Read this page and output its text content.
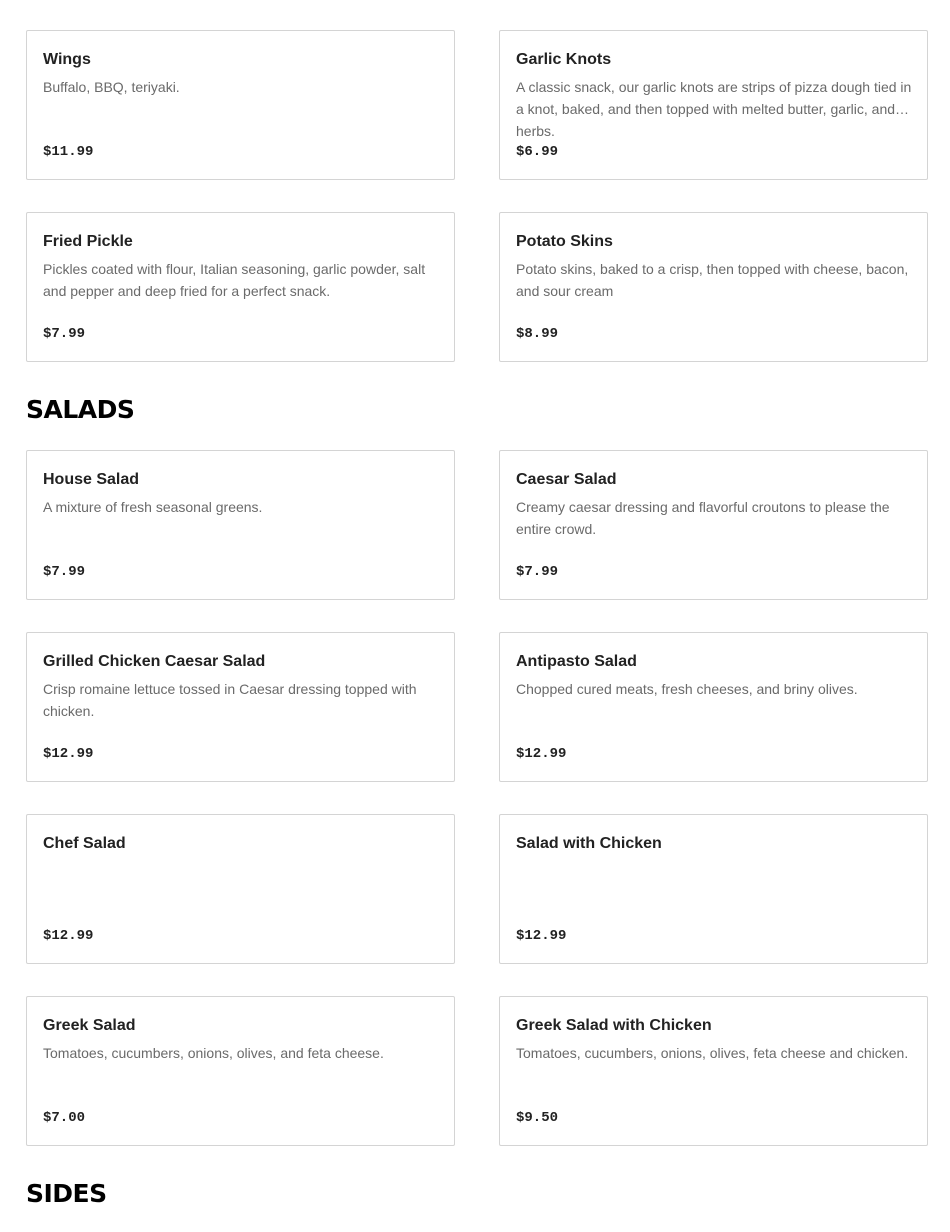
Wings
Buffalo, BBQ, teriyaki.
$11.99
Garlic Knots
A classic snack, our garlic knots are strips of pizza dough tied in a knot, baked, and then topped with melted butter, garlic, and herbs.
$6.99
Fried Pickle
Pickles coated with flour, Italian seasoning, garlic powder, salt and pepper and deep fried for a perfect snack.
$7.99
Potato Skins
Potato skins, baked to a crisp, then topped with cheese, bacon, and sour cream
$8.99
SALADS
House Salad
A mixture of fresh seasonal greens.
$7.99
Caesar Salad
Creamy caesar dressing and flavorful croutons to please the entire crowd.
$7.99
Grilled Chicken Caesar Salad
Crisp romaine lettuce tossed in Caesar dressing topped with chicken.
$12.99
Antipasto Salad
Chopped cured meats, fresh cheeses, and briny olives.
$12.99
Chef Salad
$12.99
Salad with Chicken
$12.99
Greek Salad
Tomatoes, cucumbers, onions, olives, and feta cheese.
$7.00
Greek Salad with Chicken
Tomatoes, cucumbers, onions, olives, feta cheese and chicken.
$9.50
SIDES
